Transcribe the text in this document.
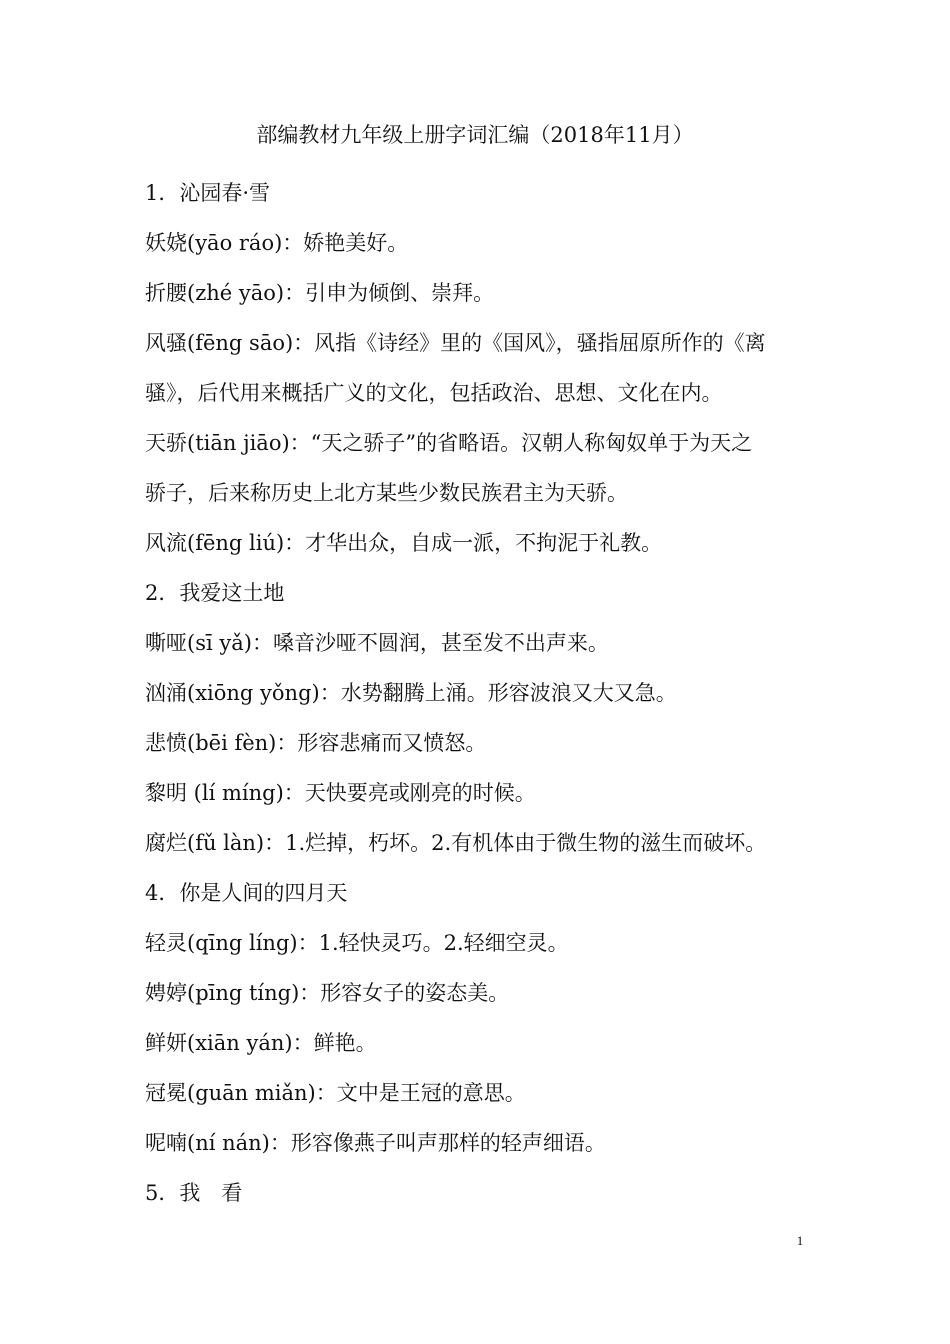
部编教材九年级上册字词汇编（2018年11月）
1．沁园春·雪
妖娆(yāo ráo)：娇艳美好。
折腰(zhé yāo)：引申为倾倒、崇拜。
风骚(fēng sāo)：风指《诗经》里的《国风》，骚指屈原所作的《离
骚》，后代用来概括广义的文化，包括政治、思想、文化在内。
天骄(tiān jiāo)：“天之骄子”的省略语。汉朝人称匈奴单于为天之
骄子，后来称历史上北方某些少数民族君主为天骄。
风流(fēng liú)：才华出众，自成一派，不拘泥于礼教。
2．我爱这土地
嘶哑(sī yǎ)：嗓音沙哑不圆润，甚至发不出声来。
汹涌(xiōng yǒng)：水势翻腾上涌。形容波浪又大又急。
悲愤(bēi fèn)：形容悲痛而又愤怒。
黎明 (lí míng)：天快要亮或刚亮的时候。
腐烂(fǔ làn)：1.烂掉，朽坏。2.有机体由于微生物的滋生而破坏。
4．你是人间的四月天
轻灵(qīng líng)：1.轻快灵巧。2.轻细空灵。
娉婷(pīng tíng)：形容女子的姿态美。
鲜妍(xiān yán)：鲜艳。
冠冕(guān miǎn)：文中是王冠的意思。
呢喃(ní nán)：形容像燕子叫声那样的轻声细语。
5．我　看
1
